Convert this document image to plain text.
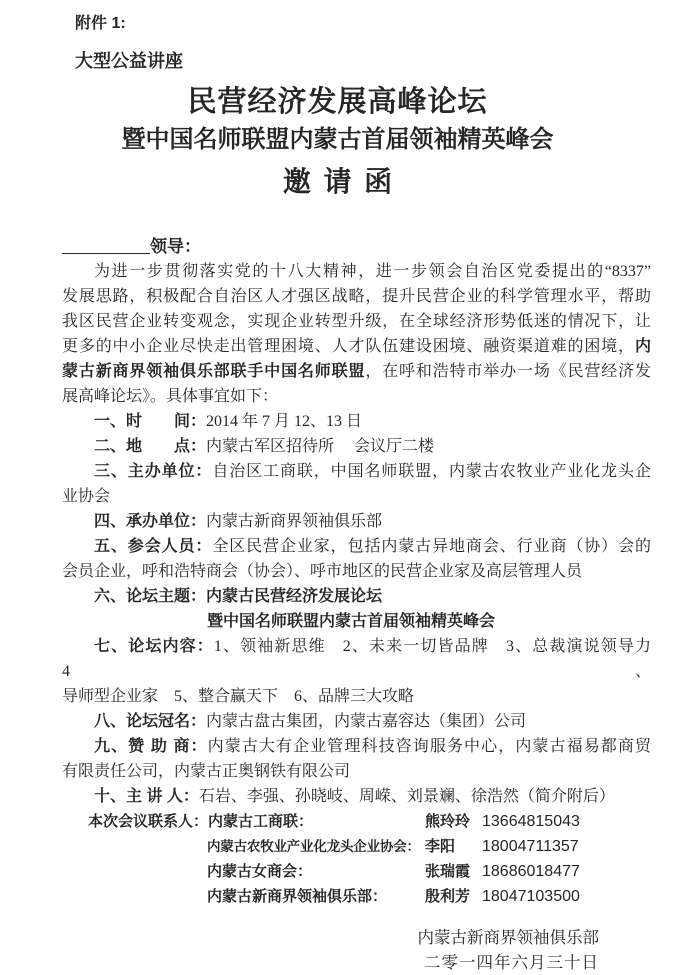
附件 1:
大型公益讲座
民营经济发展高峰论坛
暨中国名师联盟内蒙古首届领袖精英峰会
邀请函
领导：
为进一步贯彻落实党的十八大精神，进一步领会自治区党委提出的“8337”
发展思路，积极配合自治区人才强区战略，提升民营企业的科学管理水平，帮助
我区民营企业转变观念，实现企业转型升级，在全球经济形势低迷的情况下，让
更多的中小企业尽快走出管理困境、人才队伍建设困境、融资渠道难的困境，内
蒙古新商界领袖俱乐部联手中国名师联盟，在呼和浩特市举办一场《民营经济发
展高峰论坛》。具体事宜如下：
一、时　　间：2014 年 7 月 12、13 日
二、地　　点：内蒙古军区招待所　 会议厅二楼
三、主办单位：自治区工商联，中国名师联盟，内蒙古农牧业产业化龙头企
业协会
四、承办单位：内蒙古新商界领袖俱乐部
五、参会人员：全区民营企业家，包括内蒙古异地商会、行业商（协）会的
会员企业，呼和浩特商会（协会）、呼市地区的民营企业家及高层管理人员
六、论坛主题：内蒙古民营经济发展论坛
暨中国名师联盟内蒙古首届领袖精英峰会
七、论坛内容：1、领袖新思维　2、未来一切皆品牌　3、总裁演说领导力　4、
导师型企业家　5、整合赢天下　6、品牌三大攻略
八、论坛冠名：内蒙古盘古集团，内蒙古嘉容达（集团）公司
九、赞 助 商：内蒙古大有企业管理科技咨询服务中心，内蒙古福易都商贸
有限责任公司，内蒙古正奥钢铁有限公司
十、主 讲 人：石岩、李强、孙晓岐、周嵘、刘景斓、徐浩然（简介附后）
本次会议联系人：内蒙古工商联：	熊玲玲 13664815043
内蒙古农牧业产业化龙头企业协会： 李阳 18004711357
内蒙古女商会：	张瑞霞 18686018477
内蒙古新商界领袖俱乐部：	殷利芳 18047103500
内蒙古新商界领袖俱乐部
二零一四年六月三十日
